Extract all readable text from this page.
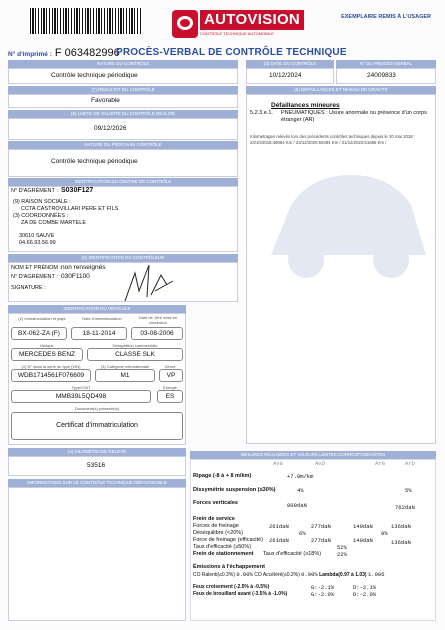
AUTOVISION
CONTRÔLE TECHNIQUE AUTOMOBILE
EXEMPLAIRE REMIS À L'USAGER
N° d'imprimé : F 063482996
PROCÈS-VERBAL DE CONTRÔLE TECHNIQUE
NATURE DU CONTRÔLE
Contrôle technique périodique
(7) RÉSULTAT DU CONTRÔLE
Favorable
(8) LIMITE DE VALIDITÉ DU CONTRÔLE RÉALISÉ
09/12/2026
NATURE DU PROCHAIN CONTRÔLE
Contrôle technique périodique
IDENTIFICATION DU CENTRE DE CONTRÔLE
N° D'AGRÉMENT : S030F127
(9) RAISON SOCIALE :
CCTA CASTROVILLARI PERE ET FILS
(3) COORDONNÉES :
ZA DE COMBE MARTELE
30610 SAUVE
04.66.93.56.99
(5) IDENTIFICATION DU CONTRÔLEUR
NOM ET PRÉNOM : non renseignés
N° D'AGRÉMENT : 030F1100
SIGNATURE :
IDENTIFICATION DU VÉHICULE
(2) Immatriculation et pays	Date d'immatriculation	Date de 1ère mise en circulation
BX-062-ZA (F)	18-11-2014	03-08-2006
Marque	Désignation commerciale
MERCEDES BENZ	CLASSE SLK
(1) N° dans la série du type (VIN)	(3) Catégorie internationale	Genre
WDB1714561F076609	M1	VP
Type/CNIT	Énergie
MMB39L5QD498	ES
Document(s) présenté(s)
Certificat d'immatriculation
(4) KILOMÉTRAGE RELEVÉ
53516
INFORMATIONS SUR LE CONTRÔLE TECHNIQUE DÉFAVORABLE
(3) DATE DU CONTRÔLE
10/12/2024
N° DU PROCÈS-VERBAL
24009833
(6) DÉFAILLANCES ET NIVEAU DE GRAVITÉ
Défaillances mineures
5.2.3.e.1. PNEUMATIQUES : Usure anormale ou présence d'un corps
étranger (AR)
Kilométrages relevés lors des précédents contrôles techniques depuis le 20 mai 2018 :
23/10/2018:48094 Km / 23/12/2020:50484 Km / 21/12/2022:51666 Km /
MESURES RÉALISÉES ET VALEURS LIMITES CORRESPONDANTES
AvG	AvD	ArG	ArD
Ripage (-8 à + 8 m/km)	+7.0m/km
Dissymétrie suspension (≤30%)	4%	5%
Forces verticales	809daN	762daN
Frein de service
Forces de freinage	261daN	277daN	149daN	136daN
Déséquilibre (<20%)	6%	9%
Force de freinage (efficacité) 261daN	277daN	149daN	136daN
Taux d'efficacité (≥50%)	52%
Frein de stationnement Taux d'efficacité (≥18%)	22%
Émissions à l'échappement
CO Ralenti(≤0.3%) 0.00% CO Accéléré(≤0.2%) 0.00% Lambda(0.97 à 1.03) 1.006
Feux croisement (-2.5% à -0.5%)	G:-2.1%	D:-2.1%
Feux de brouillard avant (-3.5% à -1.0%)	G:-2.0%	D:-2.0%
